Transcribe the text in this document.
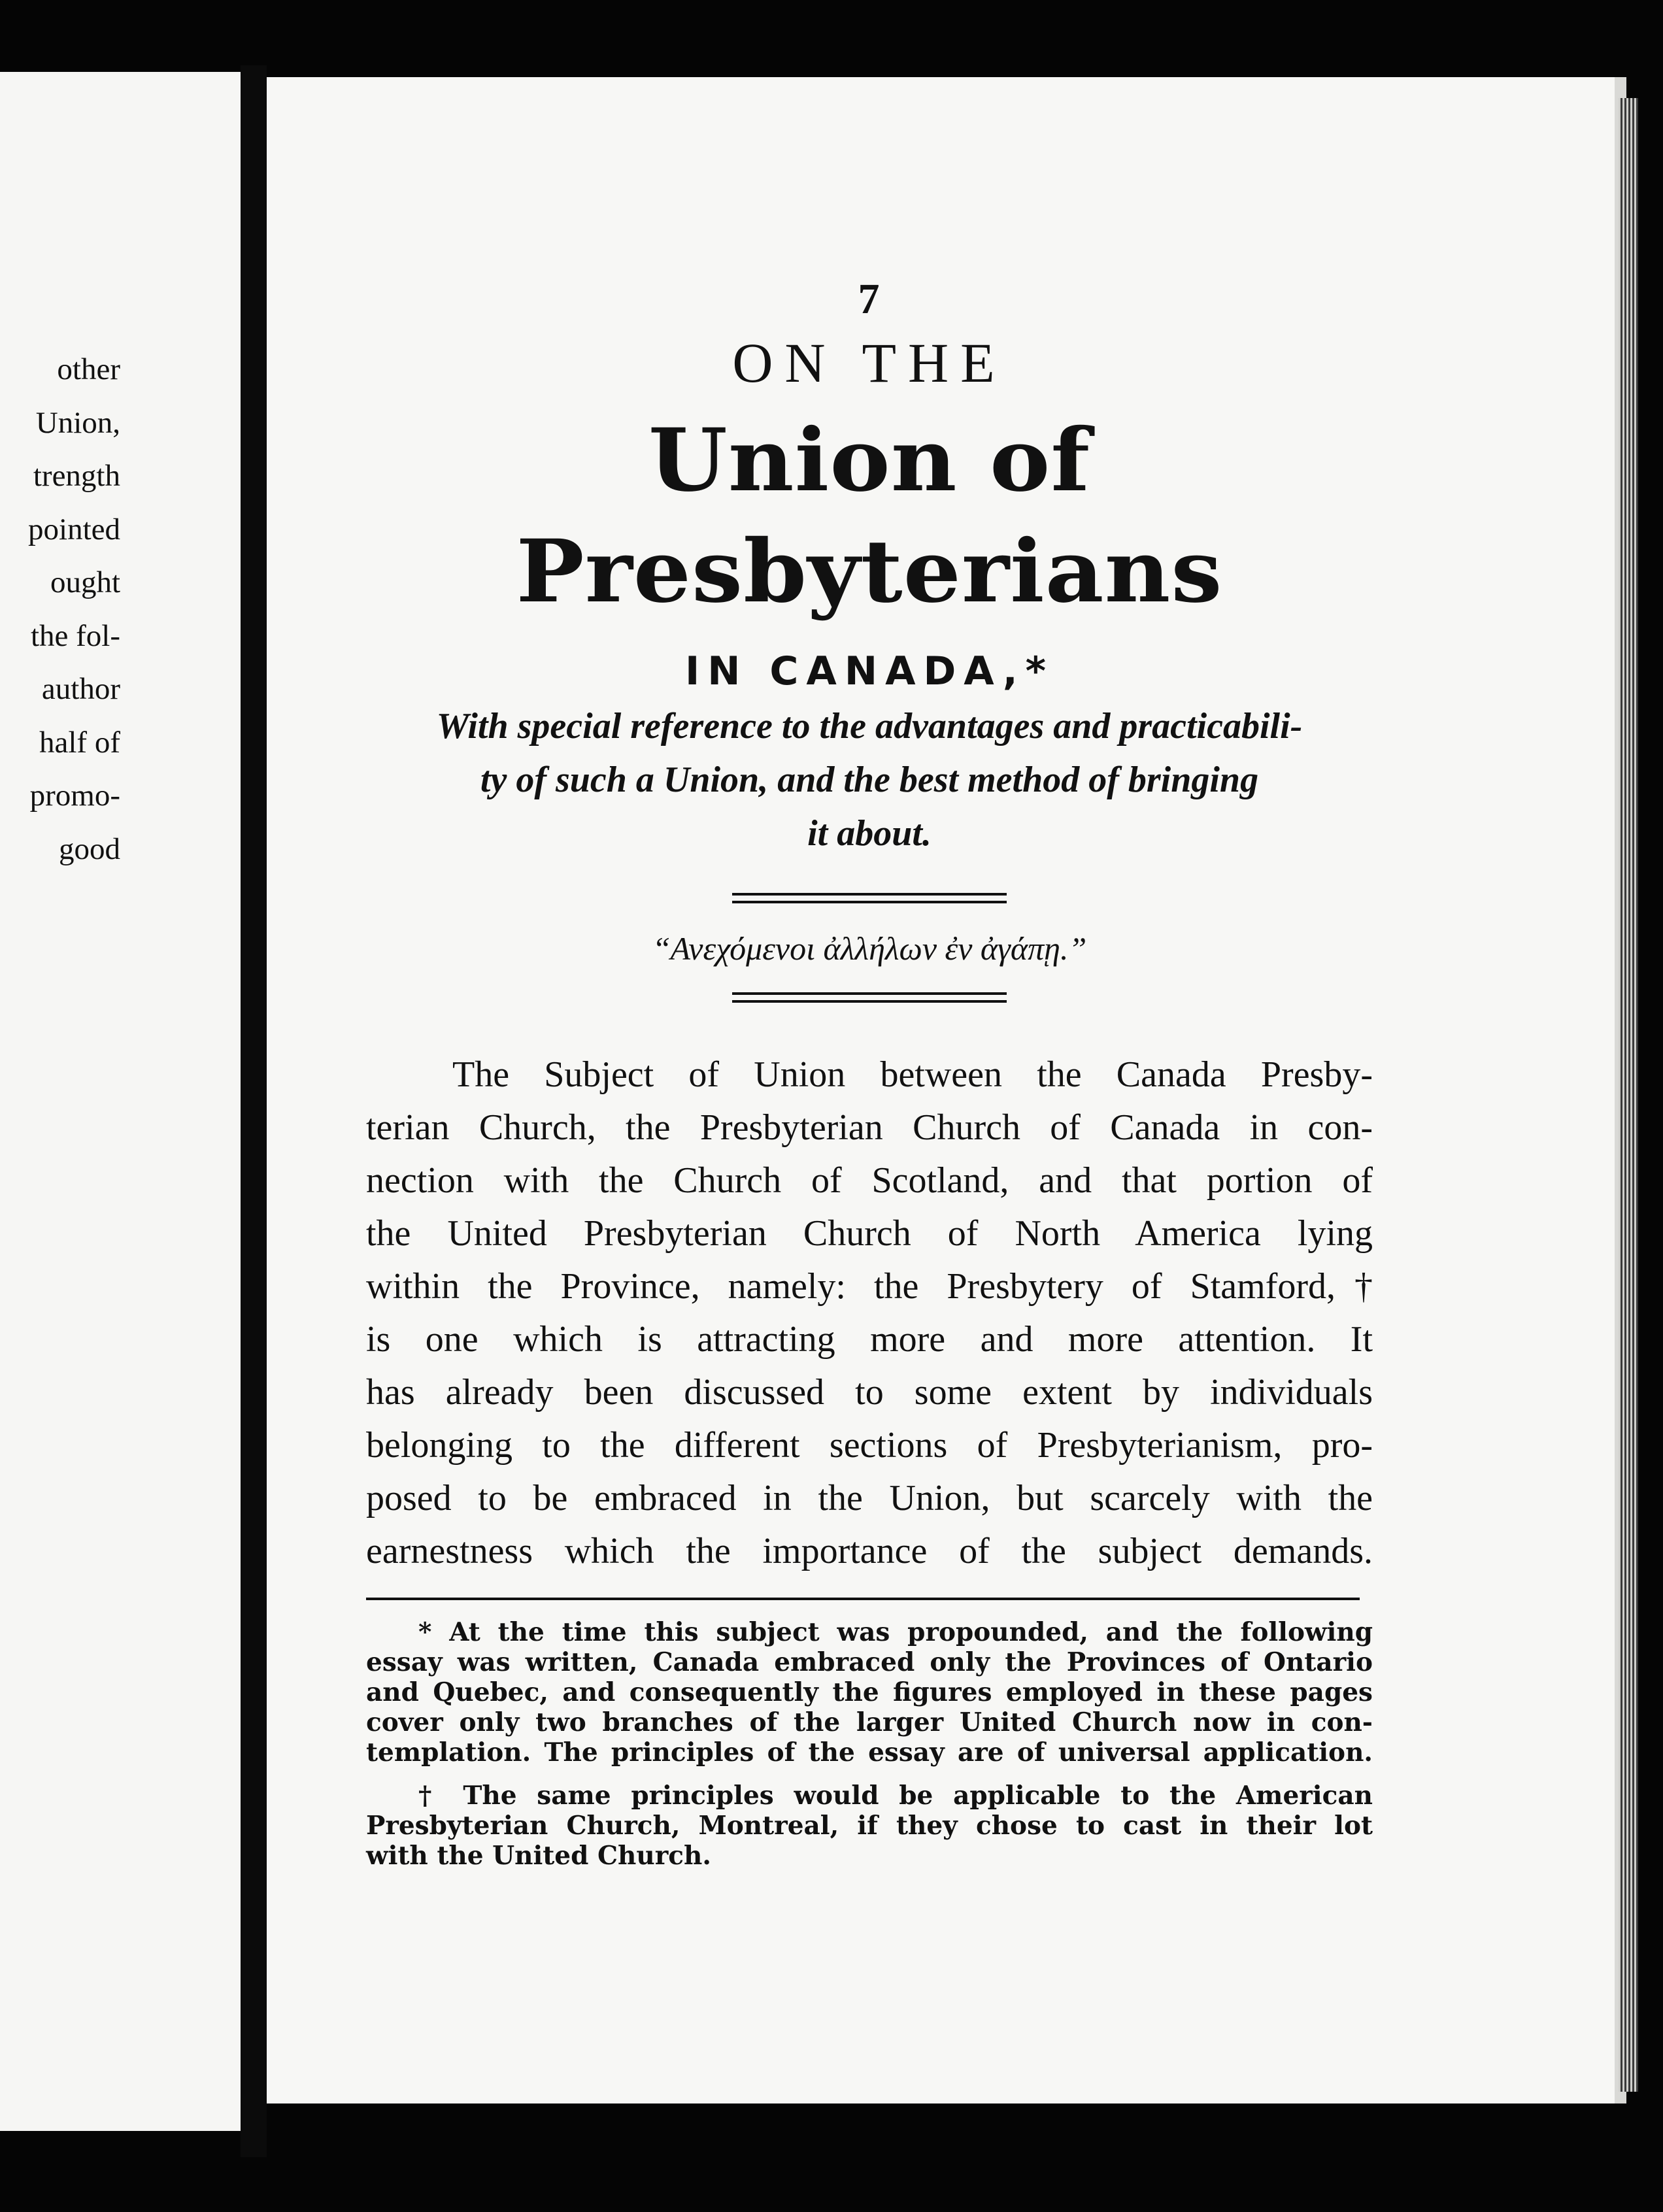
other
Union,
trength
pointed
ought
the fol-
author
half of
promo-
good
7
ON THE
Union of Presbyterians
IN CANADA,*
With special reference to the advantages and practicabili-
ty of such a Union, and the best method of bringing
it about.
“Ανεχόμενοι ἀλλήλων ἐν ἀγάπῃ.”
The Subject of Union between the Canada Presby-
terian Church, the Presbyterian Church of Canada in con-
nection with the Church of Scotland, and that portion of
the United Presbyterian Church of North America lying
within the Province, namely: the Presbytery of Stamford,†
is one which is attracting more and more attention. It
has already been discussed to some extent by individuals
belonging to the different sections of Presbyterianism, pro-
posed to be embraced in the Union, but scarcely with the
earnestness which the importance of the subject demands.
* At the time this subject was propounded, and the following
essay was written, Canada embraced only the Provinces of Ontario
and Quebec, and consequently the figures employed in these pages
cover only two branches of the larger United Church now in con-
templation. The principles of the essay are of universal application.
† The same principles would be applicable to the American
Presbyterian Church, Montreal, if they chose to cast in their lot
with the United Church.
